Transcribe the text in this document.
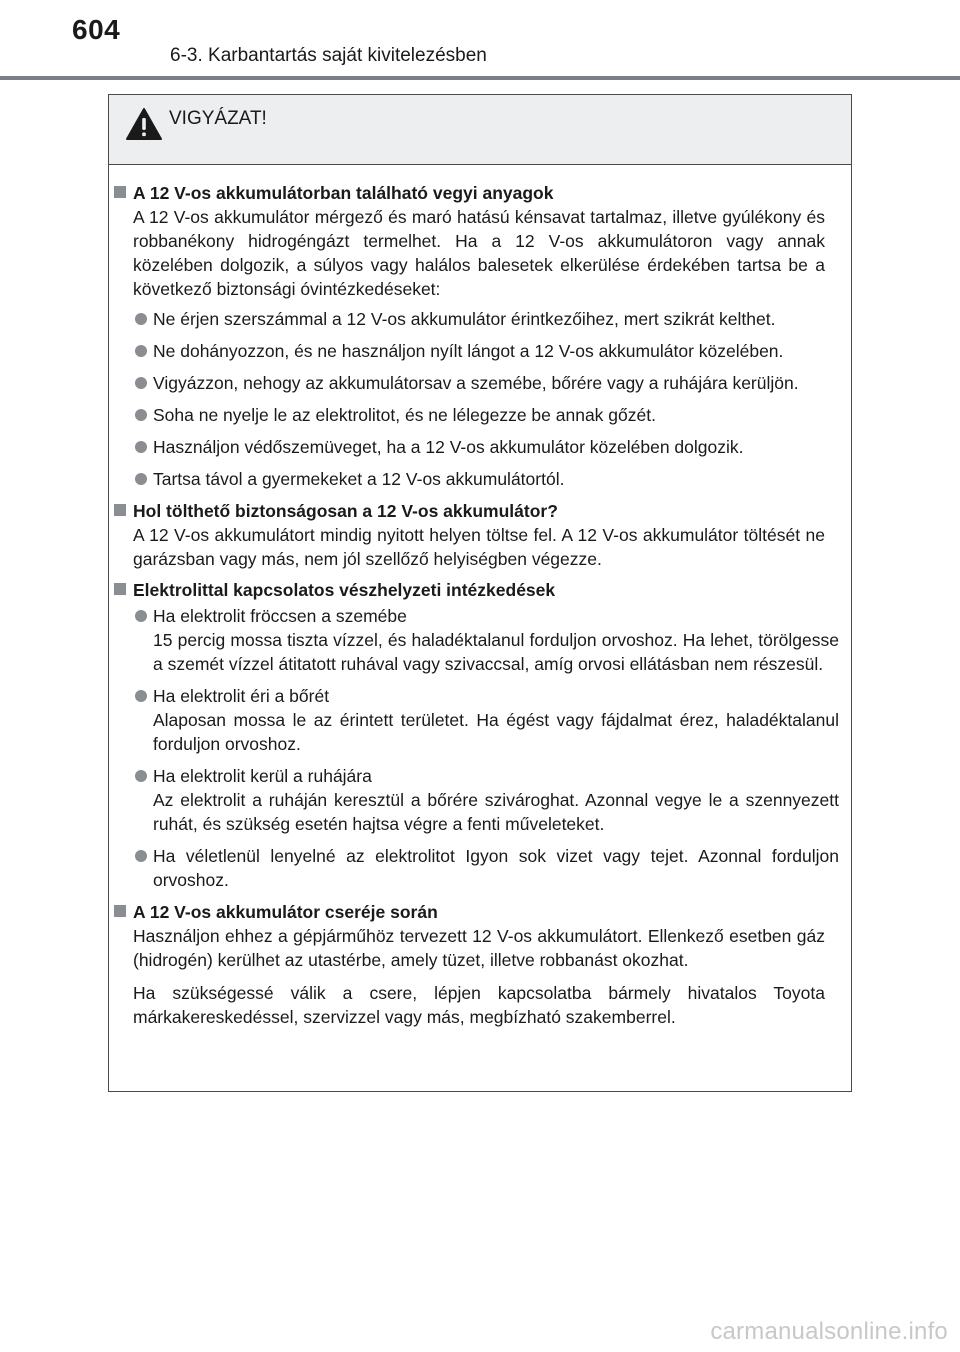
604
6-3. Karbantartás saját kivitelezésben
VIGYÁZAT!
A 12 V-os akkumulátorban található vegyi anyagok

A 12 V-os akkumulátor mérgező és maró hatású kénsavat tartalmaz, illetve gyúlékony és robbanékony hidrogéngázt termelhet. Ha a 12 V-os akkumulátoron vagy annak közelében dolgozik, a súlyos vagy halálos balesetek elkerülése érdekében tartsa be a következő biztonsági óvintézkedéseket:

Ne érjen szerszámmal a 12 V-os akkumulátor érintkezőihez, mert szikrát kelthet.
Ne dohányozzon, és ne használjon nyílt lángot a 12 V-os akkumulátor közelében.
Vigyázzon, nehogy az akkumulátorsav a szemébe, bőrére vagy a ruhájára kerüljön.
Soha ne nyelje le az elektrolitot, és ne lélegezze be annak gőzét.
Használjon védőszemüveget, ha a 12 V-os akkumulátor közelében dolgozik.
Tartsa távol a gyermekeket a 12 V-os akkumulátortól.
Hol tölthető biztonságosan a 12 V-os akkumulátor?

A 12 V-os akkumulátort mindig nyitott helyen töltse fel. A 12 V-os akkumulátor töltését ne garázsban vagy más, nem jól szellőző helyiségben végezze.

Elektrolittal kapcsolatos vészhelyzeti intézkedések
Ha elektrolit fröccsen a szemébe
15 percig mossa tiszta vízzel, és haladéktalanul forduljon orvoshoz. Ha lehet, törölgesse a szemét vízzel átitatott ruhával vagy szivaccsal, amíg orvosi ellátásban nem részesül.
Ha elektrolit éri a bőrét
Alaposan mossa le az érintett területet. Ha égést vagy fájdalmat érez, haladéktalanul forduljon orvoshoz.
Ha elektrolit kerül a ruhájára
Az elektrolit a ruháján keresztül a bőrére szivároghat. Azonnal vegye le a szennyezett ruhát, és szükség esetén hajtsa végre a fenti műveleteket.
Ha véletlenül lenyelné az elektrolitot Igyon sok vizet vagy tejet. Azonnal forduljon orvoshoz.
A 12 V-os akkumulátor cseréje során

Használjon ehhez a gépjárműhöz tervezett 12 V-os akkumulátort. Ellenkező esetben gáz (hidrogén) kerülhet az utastérbe, amely tüzet, illetve robbanást okozhat.

Ha szükségessé válik a csere, lépjen kapcsolatba bármely hivatalos Toyota márkakereskedéssel, szervizzel vagy más, megbízható szakemberrel.

carmanualsonline.info
